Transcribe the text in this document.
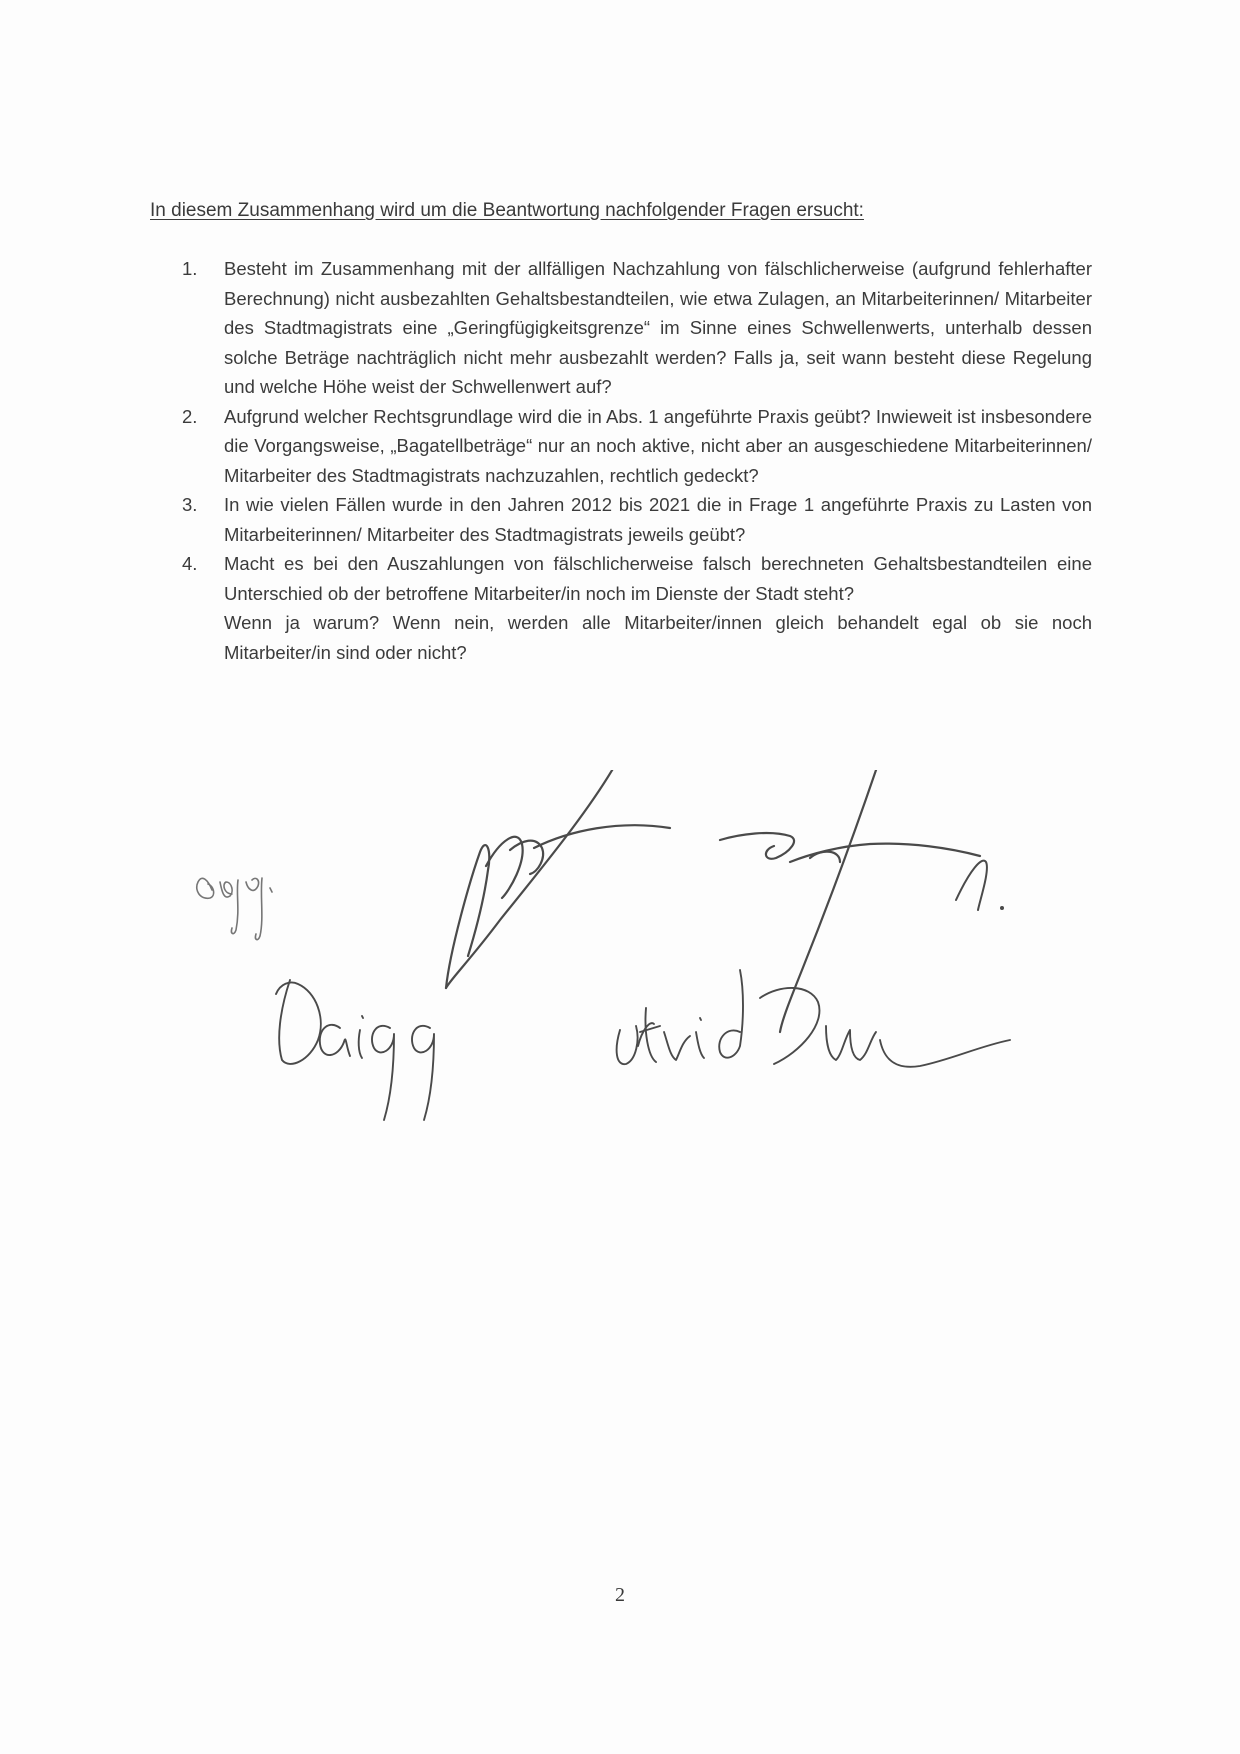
In diesem Zusammenhang wird um die Beantwortung nachfolgender Fragen ersucht:

1.	Besteht im Zusammenhang mit der allfälligen Nachzahlung von fälschlicherweise (aufgrund fehlerhafter Berechnung) nicht ausbezahlten Gehaltsbestandteilen, wie etwa Zulagen, an Mitarbeiterinnen/ Mitarbeiter des Stadtmagistrats eine „Geringfügigkeitsgrenze“ im Sinne eines Schwellenwerts, unterhalb dessen solche Beträge nachträglich nicht mehr ausbezahlt werden? Falls ja, seit wann besteht diese Regelung und welche Höhe weist der Schwellenwert auf?

2.	Aufgrund welcher Rechtsgrundlage wird die in Abs. 1 angeführte Praxis geübt? Inwieweit ist insbesondere die Vorgangsweise, „Bagatellbeträge“ nur an noch aktive, nicht aber an ausgeschiedene Mitarbeiterinnen/ Mitarbeiter des Stadtmagistrats nachzuzahlen, rechtlich gedeckt?

3.	In wie vielen Fällen wurde in den Jahren 2012 bis 2021 die in Frage 1 angeführte Praxis zu Lasten von Mitarbeiterinnen/ Mitarbeiter des Stadtmagistrats jeweils geübt?

4.	Macht es bei den Auszahlungen von fälschlicherweise falsch berechneten Gehaltsbestandteilen eine Unterschied ob der betroffene Mitarbeiter/in noch im Dienste der Stadt steht?

Wenn ja warum? Wenn nein, werden alle Mitarbeiter/innen gleich behandelt egal ob sie noch Mitarbeiter/in sind oder nicht?

2
